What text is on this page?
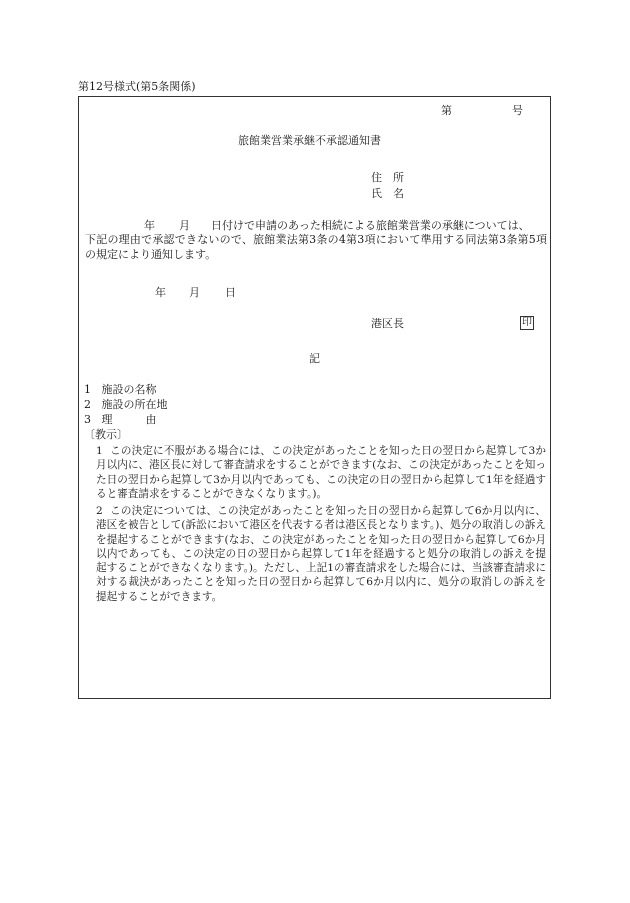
第12号様式(第5条関係)
第	号
旅館業営業承継不承認通知書
住　所
氏　名
年 月 日付けで申請のあった相続による旅館業営業の承継については、
下記の理由で承認できないので、旅館業法第3条の4第3項において準用する同法第3条第5項の規定により通知します。
年 月 日
港区長	印
記
1 施設の名称
2 施設の所在地
3 理　　　由
〔教示〕
1 この決定に不服がある場合には、この決定があったことを知った日の翌日から起算して3か月以内に、港区長に対して審査請求をすることができます(なお、この決定があったことを知った日の翌日から起算して3か月以内であっても、この決定の日の翌日から起算して1年を経過すると審査請求をすることができなくなります。)。
2 この決定については、この決定があったことを知った日の翌日から起算して6か月以内に、港区を被告として(訴訟において港区を代表する者は港区長となります。)、処分の取消しの訴えを提起することができます(なお、この決定があったことを知った日の翌日から起算して6か月以内であっても、この決定の日の翌日から起算して1年を経過すると処分の取消しの訴えを提起することができなくなります。)。ただし、上記1の審査請求をした場合には、当該審査請求に対する裁決があったことを知った日の翌日から起算して6か月以内に、処分の取消しの訴えを提起することができます。
